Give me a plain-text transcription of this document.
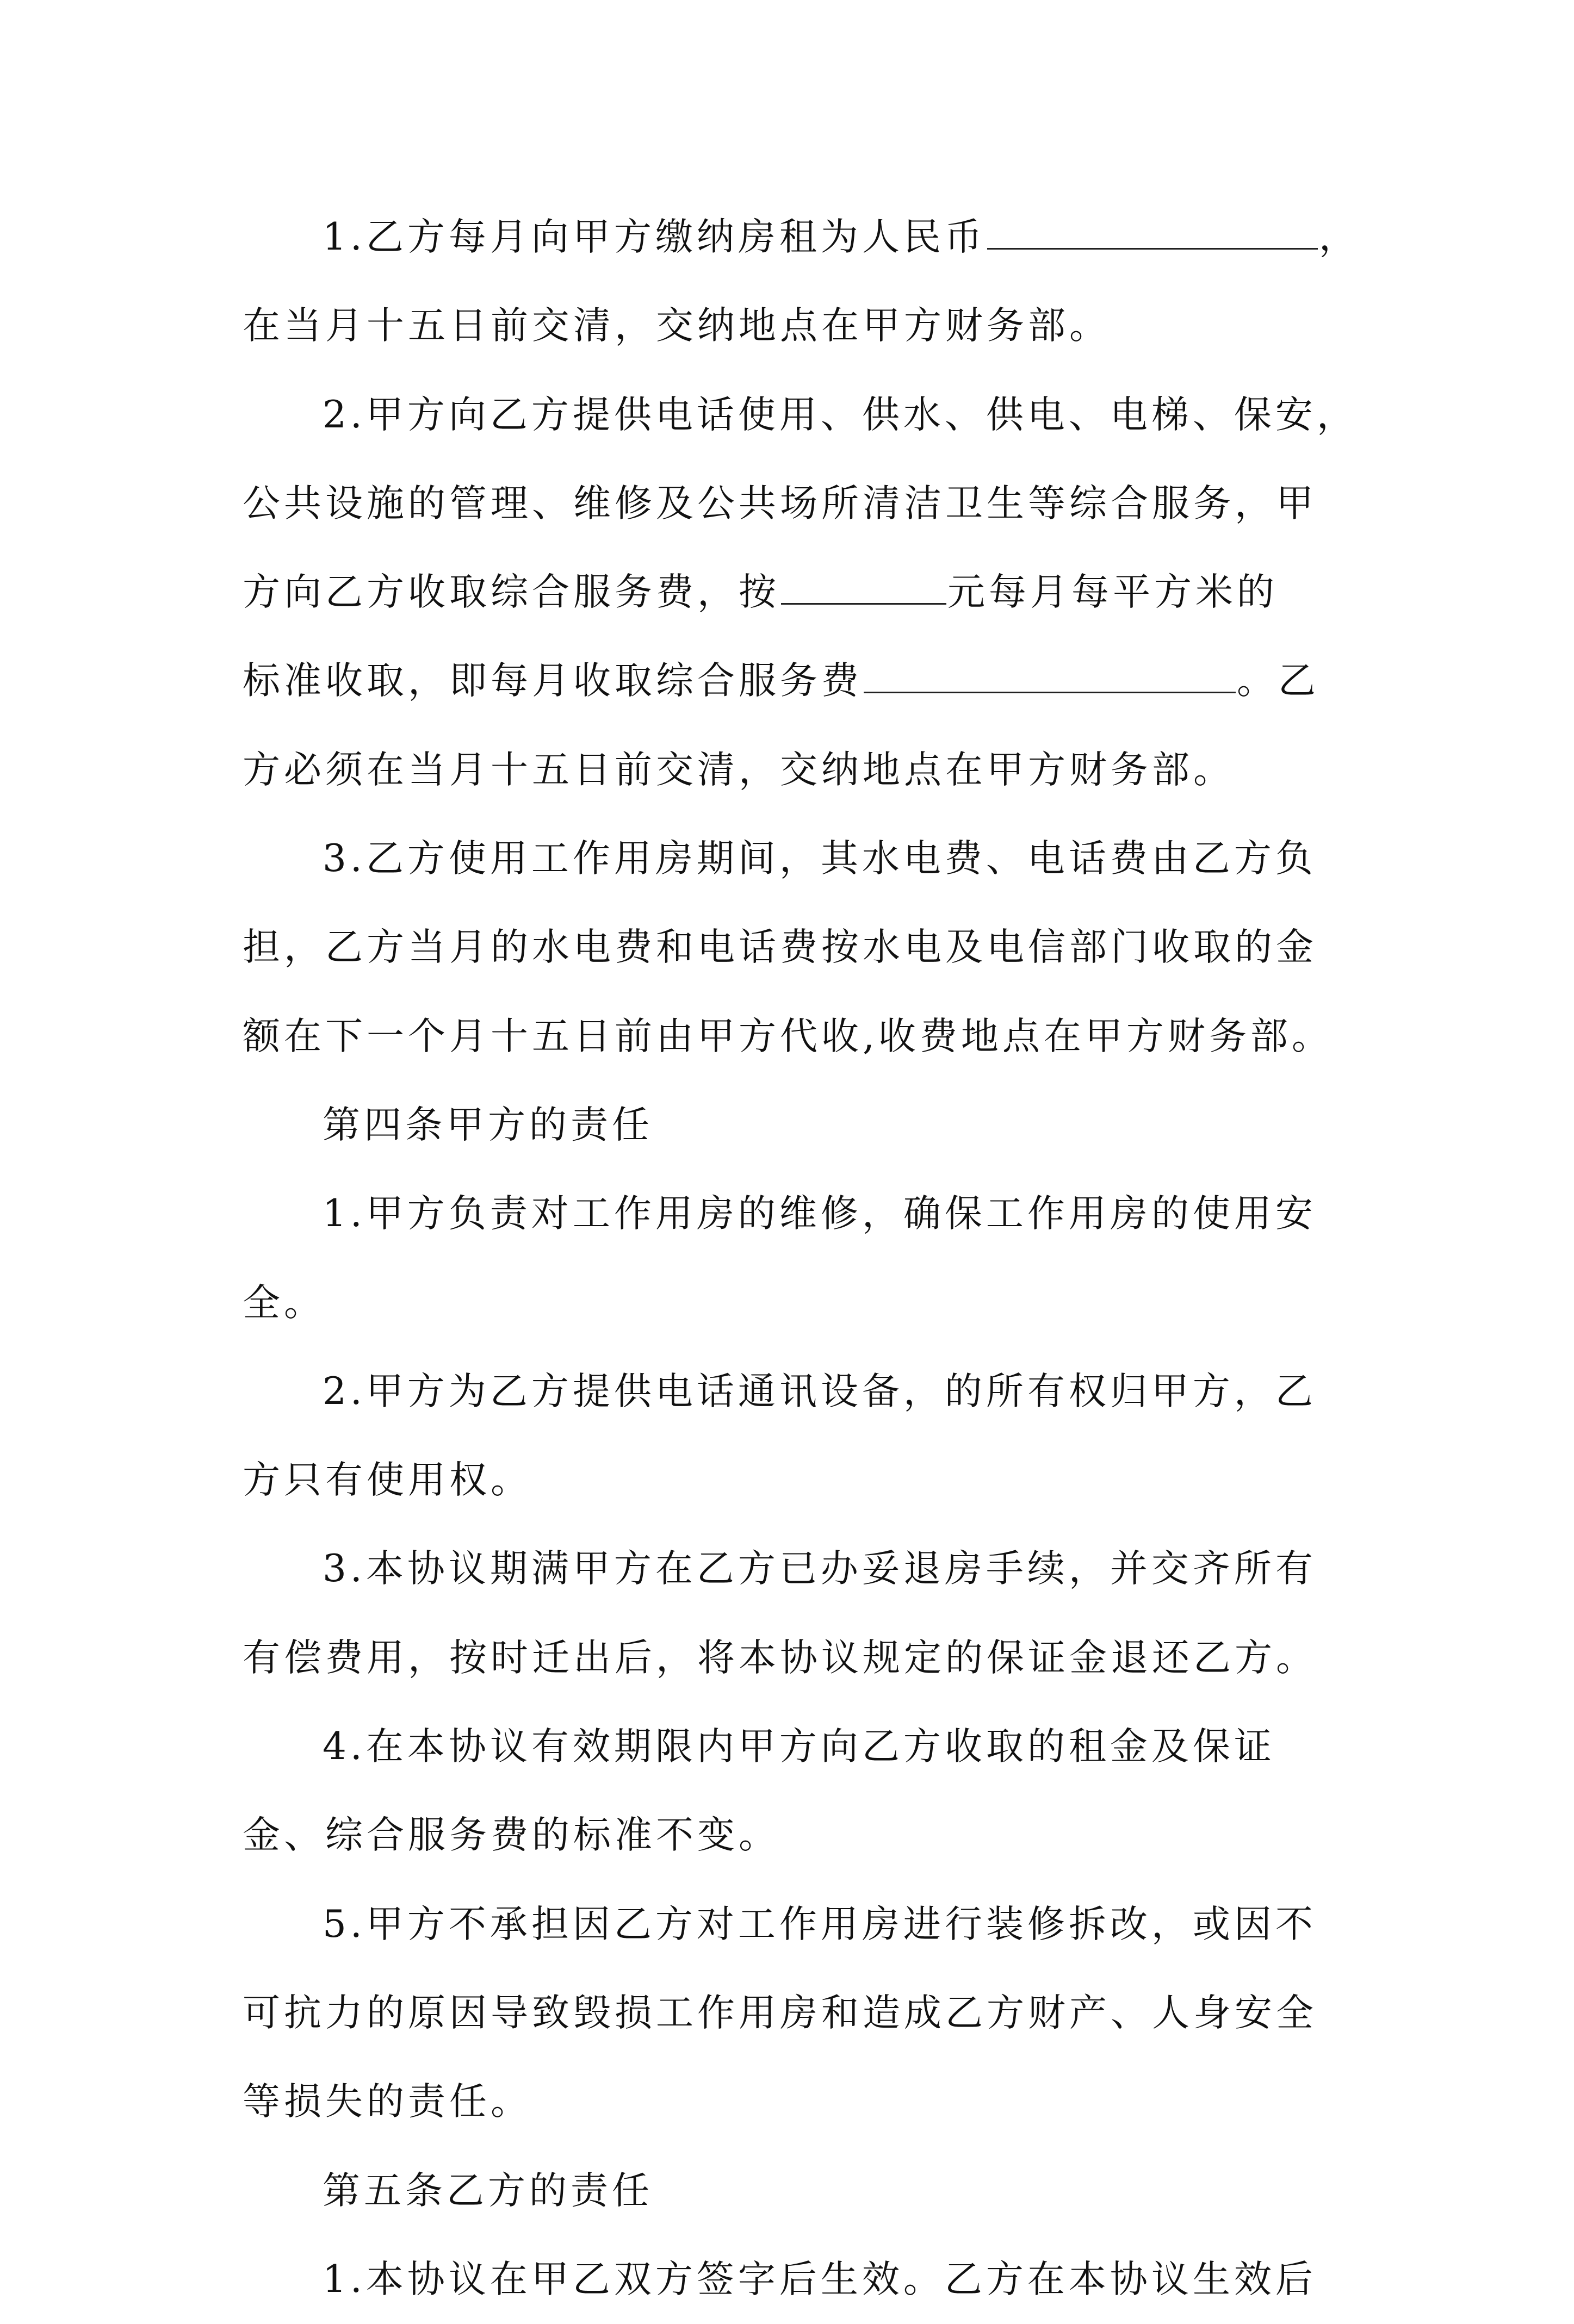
1.乙方每月向甲方缴纳房租为人民币	，
在当月十五日前交清，交纳地点在甲方财务部。
2.甲方向乙方提供电话使用、供水、供电、电梯、保安，
公共设施的管理、维修及公共场所清洁卫生等综合服务，甲
方向乙方收取综合服务费，按	元每月每平方米的
标准收取，即每月收取综合服务费	。乙
方必须在当月十五日前交清，交纳地点在甲方财务部。
3.乙方使用工作用房期间，其水电费、电话费由乙方负
担，乙方当月的水电费和电话费按水电及电信部门收取的金
额在下一个月十五日前由甲方代收,收费地点在甲方财务部。
第四条甲方的责任
1.甲方负责对工作用房的维修，确保工作用房的使用安
全。
2.甲方为乙方提供电话通讯设备，的所有权归甲方，乙
方只有使用权。
3.本协议期满甲方在乙方已办妥退房手续，并交齐所有
有偿费用，按时迁出后，将本协议规定的保证金退还乙方。
4.在本协议有效期限内甲方向乙方收取的租金及保证
金、综合服务费的标准不变。
5.甲方不承担因乙方对工作用房进行装修拆改，或因不
可抗力的原因导致毁损工作用房和造成乙方财产、人身安全
等损失的责任。
第五条乙方的责任
1.本协议在甲乙双方签字后生效。乙方在本协议生效后
